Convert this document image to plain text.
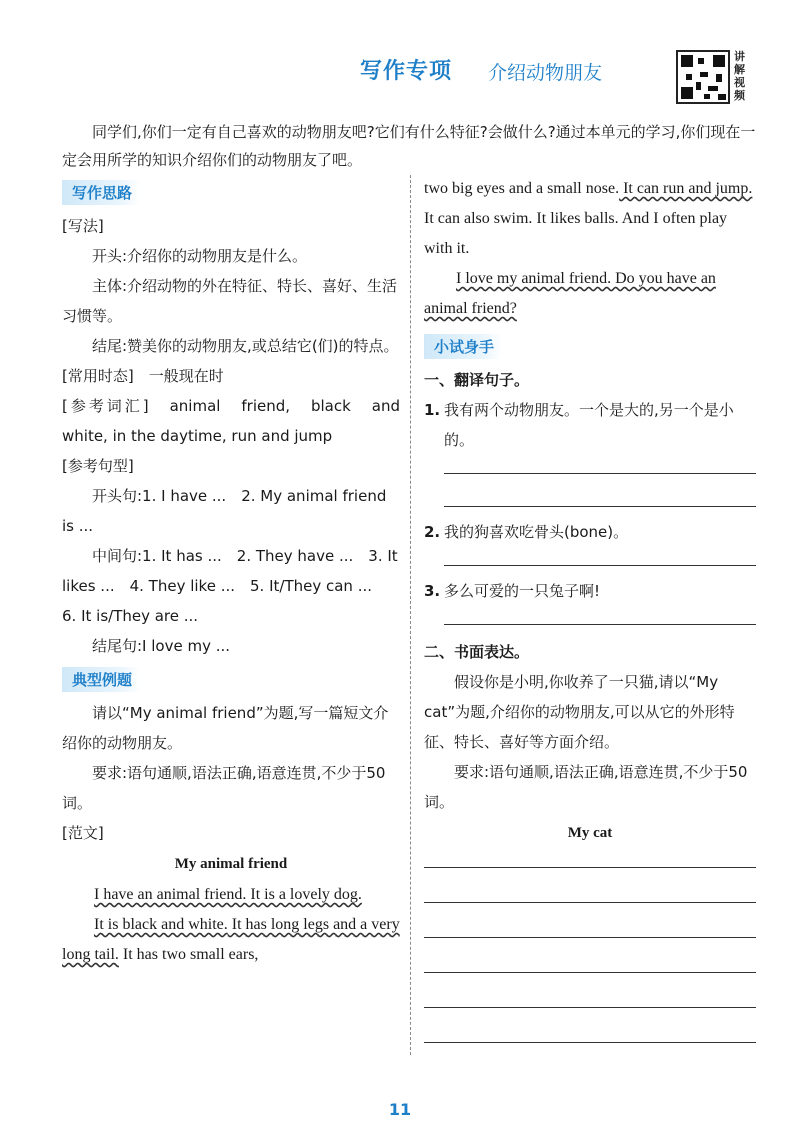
写作专项 介绍动物朋友
讲解视频
同学们,你们一定有自己喜欢的动物朋友吧?它们有什么特征?会做什么?通过本单元的学习,你们现在一定会用所学的知识介绍你们的动物朋友了吧。
写作思路
[写法]

开头:介绍你的动物朋友是什么。

主体:介绍动物的外在特征、特长、喜好、生活习惯等。

结尾:赞美你的动物朋友,或总结它(们)的特点。

[常用时态]　一般现在时

[参考词汇]　animal　friend,　black　and white, in the daytime, run and jump

[参考句型]

开头句:1. I have ...　2. My animal friend is ...

中间句:1. It has ...　2. They have ...　3. It likes ...　4. They like ...　5. It/They can ...　6. It is/They are ...

结尾句:I love my ...

典型例题

请以“My animal friend”为题,写一篇短文介绍你的动物朋友。

要求:语句通顺,语法正确,语意连贯,不少于50词。

[范文]
My animal friend

I have an animal friend. It is a lovely dog.
It is black and white. It has long legs and a very long tail. It has two small ears,

two big eyes and a small nose. It can run and jump. It can also swim. It likes balls. And I often play with it.
I love my animal friend. Do you have an animal friend?

小试身手

一、翻译句子。

1. 我有两个动物朋友。一个是大的,另一个是小的。
2. 我的狗喜欢吃骨头(bone)。
3. 多么可爱的一只兔子啊!

二、书面表达。

假设你是小明,你收养了一只猫,请以“My cat”为题,介绍你的动物朋友,可以从它的外形特征、特长、喜好等方面介绍。

要求:语句通顺,语法正确,语意连贯,不少于50词。

My cat
11
